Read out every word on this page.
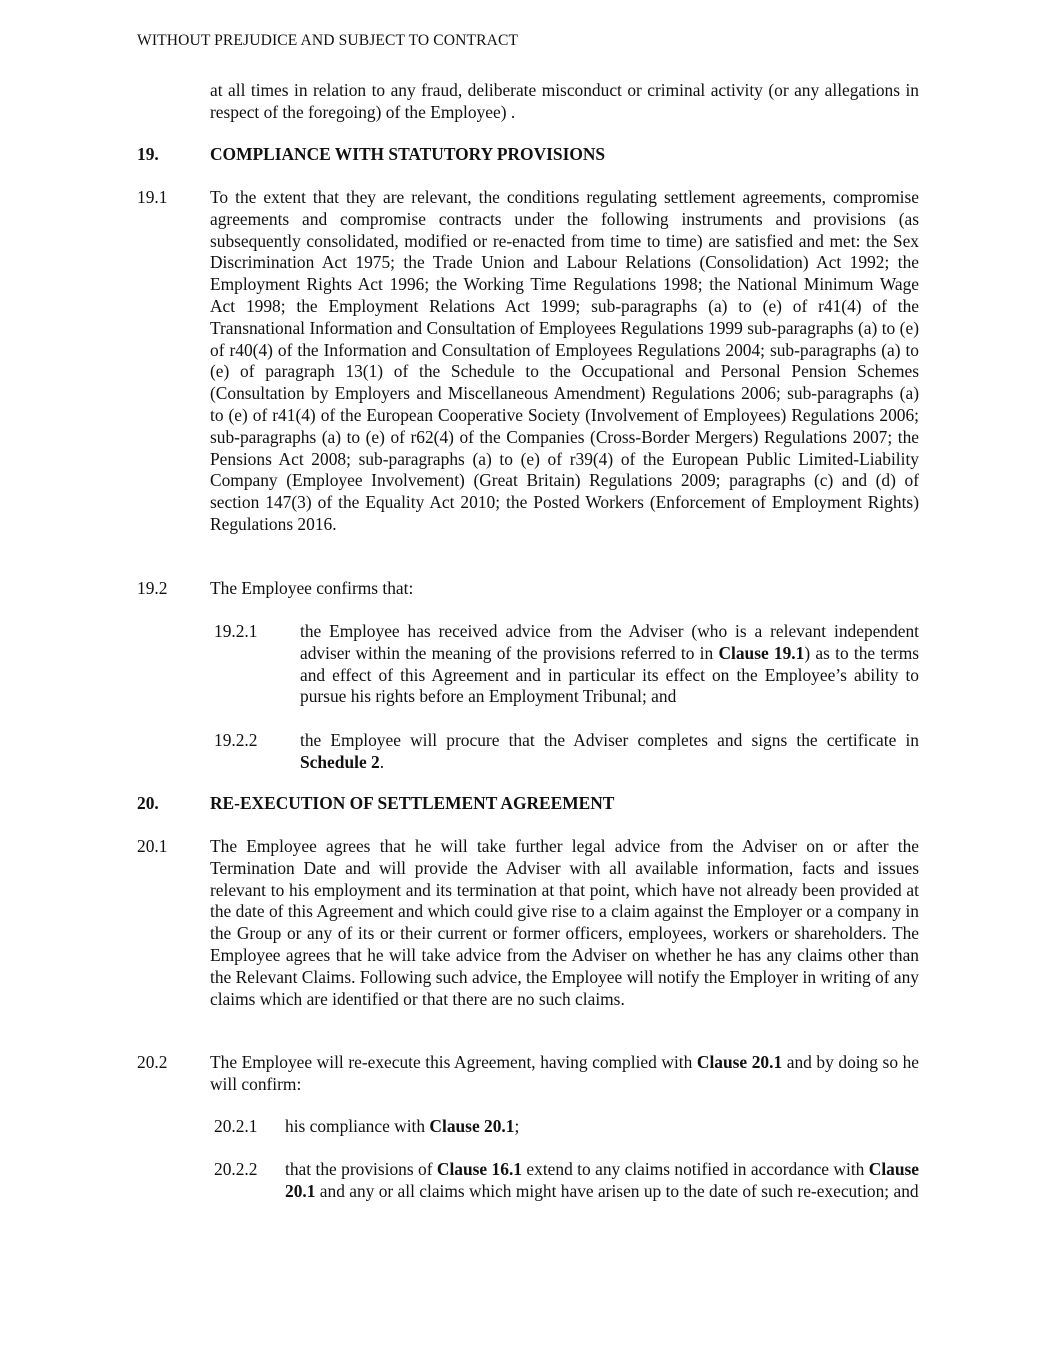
WITHOUT PREJUDICE AND SUBJECT TO CONTRACT
at all times in relation to any fraud, deliberate misconduct or criminal activity (or any allegations in respect of the foregoing) of the Employee) .
19.	COMPLIANCE WITH STATUTORY PROVISIONS
19.1 To the extent that they are relevant, the conditions regulating settlement agreements, compromise agreements and compromise contracts under the following instruments and provisions (as subsequently consolidated, modified or re-enacted from time to time) are satisfied and met: the Sex Discrimination Act 1975; the Trade Union and Labour Relations (Consolidation) Act 1992; the Employment Rights Act 1996; the Working Time Regulations 1998; the National Minimum Wage Act 1998; the Employment Relations Act 1999; sub-paragraphs (a) to (e) of r41(4) of the Transnational Information and Consultation of Employees Regulations 1999 sub-paragraphs (a) to (e) of r40(4) of the Information and Consultation of Employees Regulations 2004; sub-paragraphs (a) to (e) of paragraph 13(1) of the Schedule to the Occupational and Personal Pension Schemes (Consultation by Employers and Miscellaneous Amendment) Regulations 2006; sub-paragraphs (a) to (e) of r41(4) of the European Cooperative Society (Involvement of Employees) Regulations 2006; sub-paragraphs (a) to (e) of r62(4) of the Companies (Cross-Border Mergers) Regulations 2007; the Pensions Act 2008; sub-paragraphs (a) to (e) of r39(4) of the European Public Limited-Liability Company (Employee Involvement) (Great Britain) Regulations 2009; paragraphs (c) and (d) of section 147(3) of the Equality Act 2010; the Posted Workers (Enforcement of Employment Rights) Regulations 2016.
19.2 The Employee confirms that:
19.2.1 the Employee has received advice from the Adviser (who is a relevant independent adviser within the meaning of the provisions referred to in Clause 19.1) as to the terms and effect of this Agreement and in particular its effect on the Employee’s ability to pursue his rights before an Employment Tribunal; and
19.2.2 the Employee will procure that the Adviser completes and signs the certificate in Schedule 2.
20.	RE-EXECUTION OF SETTLEMENT AGREEMENT
20.1 The Employee agrees that he will take further legal advice from the Adviser on or after the Termination Date and will provide the Adviser with all available information, facts and issues relevant to his employment and its termination at that point, which have not already been provided at the date of this Agreement and which could give rise to a claim against the Employer or a company in the Group or any of its or their current or former officers, employees, workers or shareholders. The Employee agrees that he will take advice from the Adviser on whether he has any claims other than the Relevant Claims. Following such advice, the Employee will notify the Employer in writing of any claims which are identified or that there are no such claims.
20.2 The Employee will re-execute this Agreement, having complied with Clause 20.1 and by doing so he will confirm:
20.2.1 his compliance with Clause 20.1;
20.2.2 that the provisions of Clause 16.1 extend to any claims notified in accordance with Clause 20.1 and any or all claims which might have arisen up to the date of such re-execution; and
